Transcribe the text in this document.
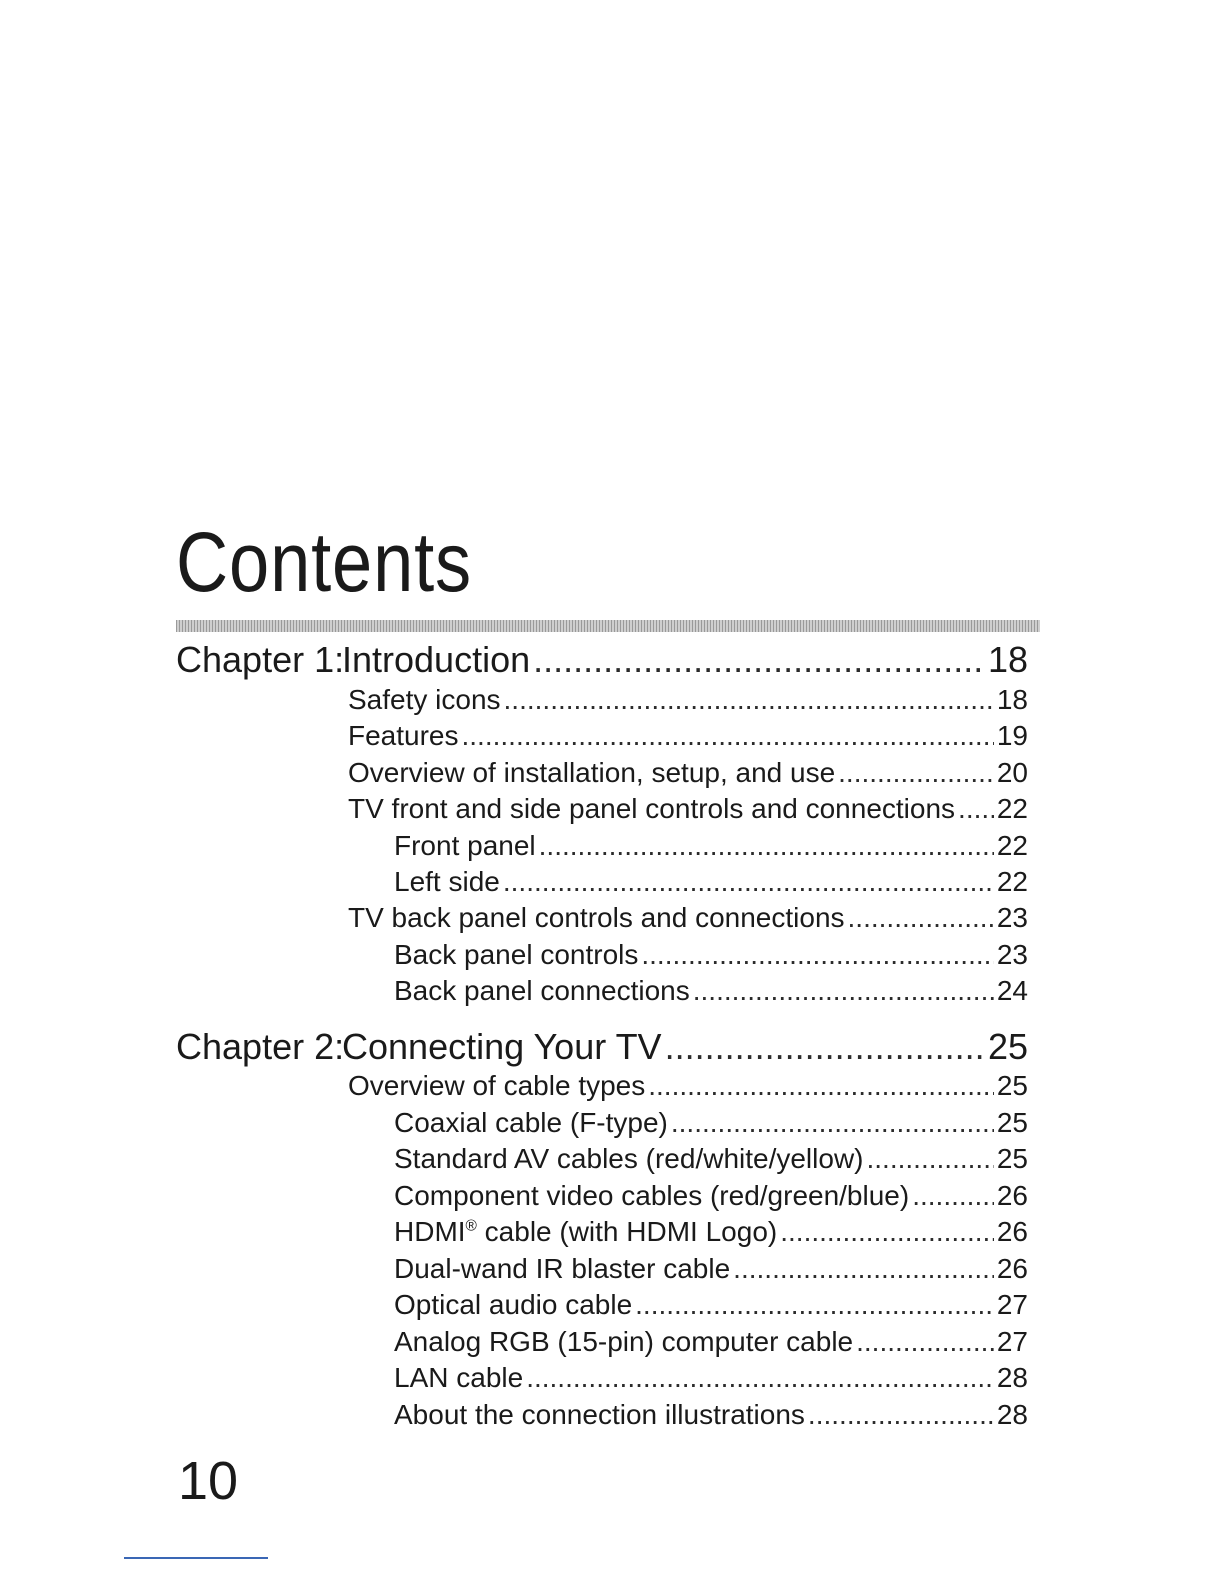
Contents
Chapter 1:Introduction .....	18
Safety icons .....	18
Features .....	19
Overview of installation, setup, and use .....	20
TV front and side panel controls and connections ..... 22
Front panel .....	22
Left side .....	22
TV back panel controls and connections .....	23
Back panel controls .....	23
Back panel connections .....	24
Chapter 2:Connecting Your TV .....	25
Overview of cable types .....	25
Coaxial cable (F-type) .....	25
Standard AV cables (red/white/yellow) .....	25
Component video cables (red/green/blue) .....	26
HDMI® cable (with HDMI Logo) .....	26
Dual-wand IR blaster cable .....	26
Optical audio cable .....	27
Analog RGB (15-pin) computer cable .....	27
LAN cable .....	28
About the connection illustrations .....	28
10
